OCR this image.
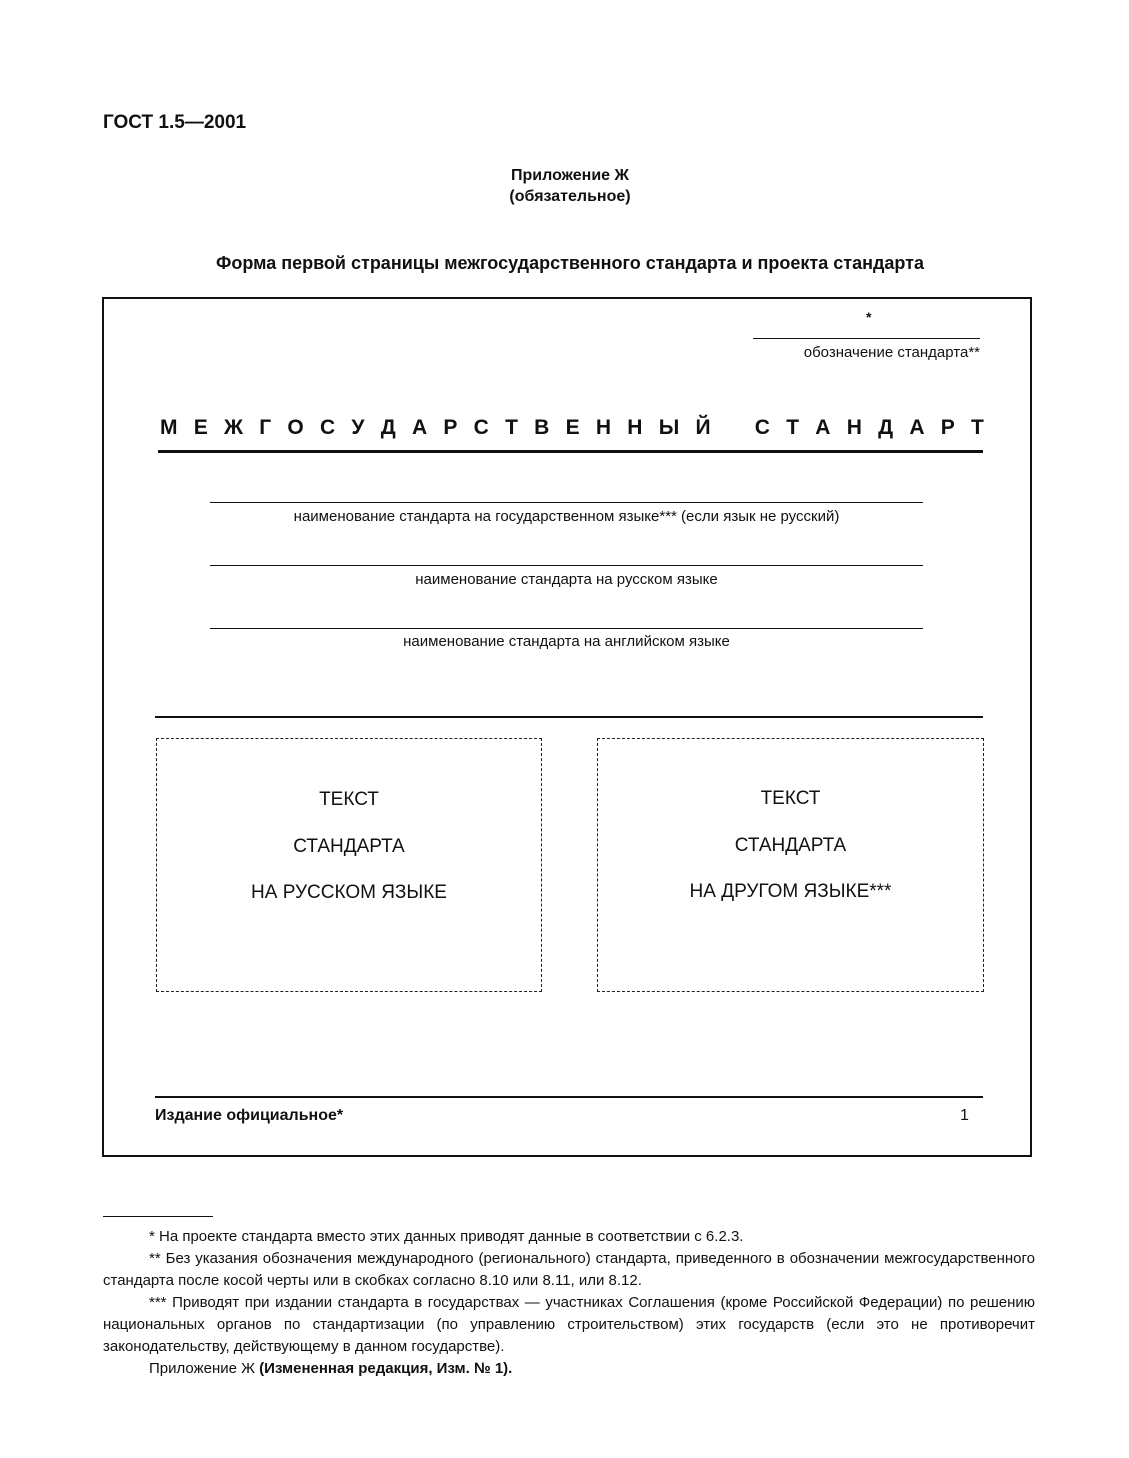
ГОСТ 1.5—2001
Приложение Ж
(обязательное)
Форма первой страницы межгосударственного стандарта и проекта стандарта
*
обозначение стандарта**
М Е Ж Г О С У Д А Р С Т В Е Н Н Ы Й
С Т А Н Д А Р Т
наименование стандарта на государственном языке*** (если язык не русский)
наименование стандарта на русском языке
наименование стандарта на английском языке
ТЕКСТ
СТАНДАРТА
НА РУССКОМ ЯЗЫКЕ
ТЕКСТ
СТАНДАРТА
НА ДРУГОМ ЯЗЫКЕ***
Издание официальное*	1

* На проекте стандарта вместо этих данных приводят данные в соответствии с 6.2.3.

** Без указания обозначения международного (регионального) стандарта, приведенного в обозначении межгосударственного стандарта после косой черты или в скобках согласно 8.10 или 8.11, или 8.12.

*** Приводят при издании стандарта в государствах — участниках Соглашения (кроме Российской Федерации) по решению национальных органов по стандартизации (по управлению строительством) этих государств (если это не противоречит законодательству, действующему в данном государстве).

Приложение Ж (Измененная редакция, Изм. № 1).
